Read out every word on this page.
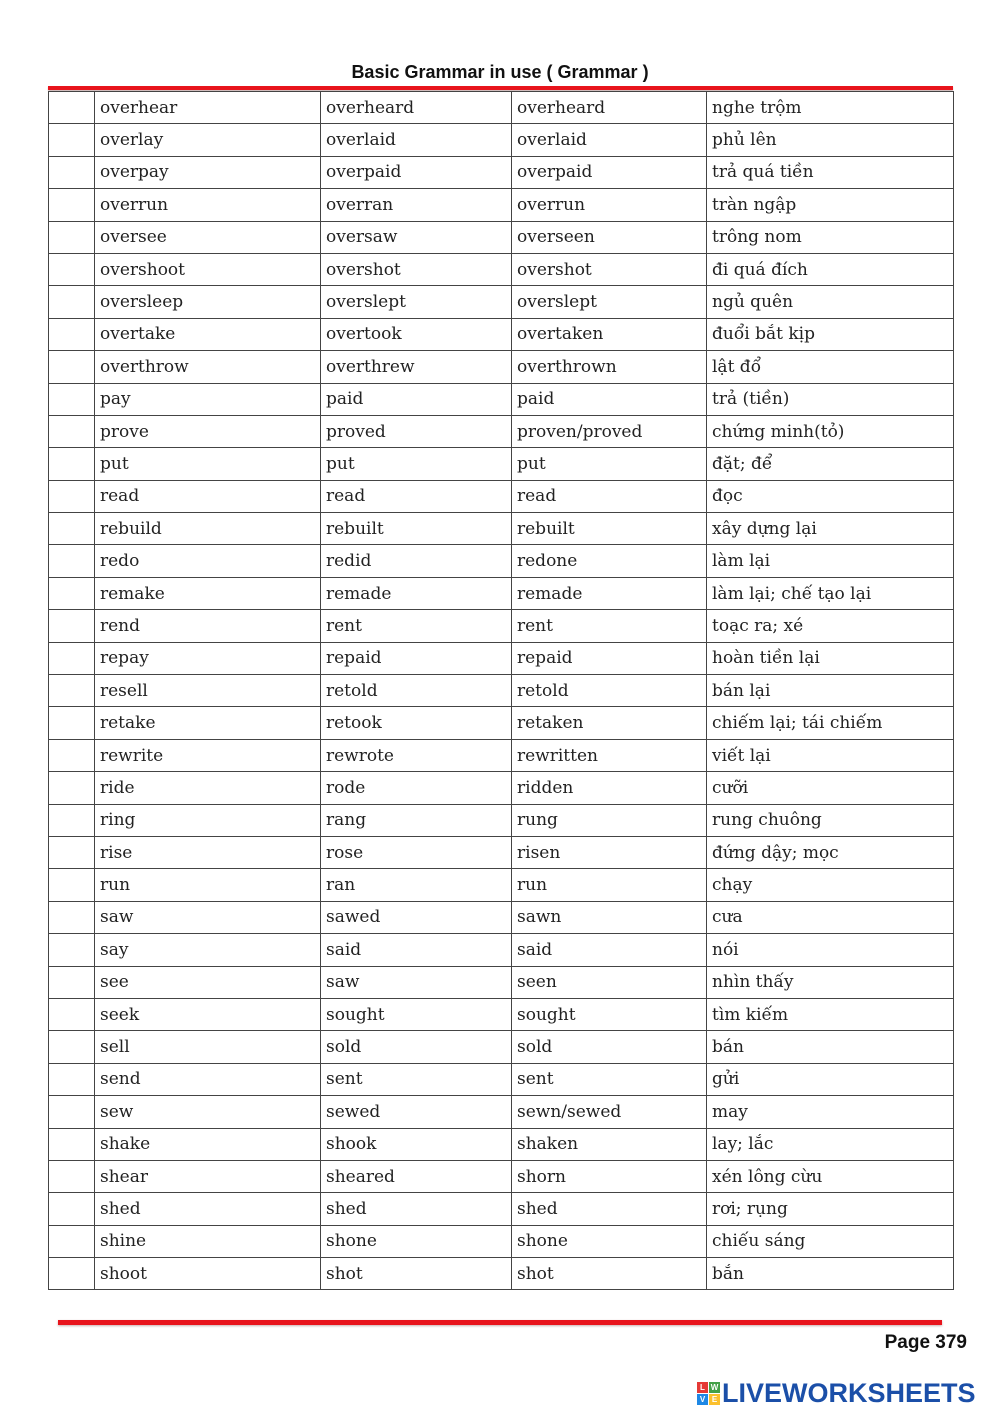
Basic Grammar in use ( Grammar )
	overhear	overheard	overheard	nghe trộm
	overlay	overlaid	overlaid	phủ lên
	overpay	overpaid	overpaid	trả quá tiền
	overrun	overran	overrun	tràn ngập
	oversee	oversaw	overseen	trông nom
	overshoot	overshot	overshot	đi quá đích
	oversleep	overslept	overslept	ngủ quên
	overtake	overtook	overtaken	đuổi bắt kịp
	overthrow	overthrew	overthrown	lật đổ
	pay	paid	paid	trả (tiền)
	prove	proved	proven/proved	chứng minh(tỏ)
	put	put	put	đặt; để
	read	read	read	đọc
	rebuild	rebuilt	rebuilt	xây dựng lại
	redo	redid	redone	làm lại
	remake	remade	remade	làm lại; chế tạo lại
	rend	rent	rent	toạc ra; xé
	repay	repaid	repaid	hoàn tiền lại
	resell	retold	retold	bán lại
	retake	retook	retaken	chiếm lại; tái chiếm
	rewrite	rewrote	rewritten	viết lại
	ride	rode	ridden	cưỡi
	ring	rang	rung	rung chuông
	rise	rose	risen	đứng dậy; mọc
	run	ran	run	chạy
	saw	sawed	sawn	cưa
	say	said	said	nói
	see	saw	seen	nhìn thấy
	seek	sought	sought	tìm kiếm
	sell	sold	sold	bán
	send	sent	sent	gửi
	sew	sewed	sewn/sewed	may
	shake	shook	shaken	lay; lắc
	shear	sheared	shorn	xén lông cừu
	shed	shed	shed	rơi; rụng
	shine	shone	shone	chiếu sáng
	shoot	shot	shot	bắn
Page 379
L W
V E LIVEWORKSHEETS
